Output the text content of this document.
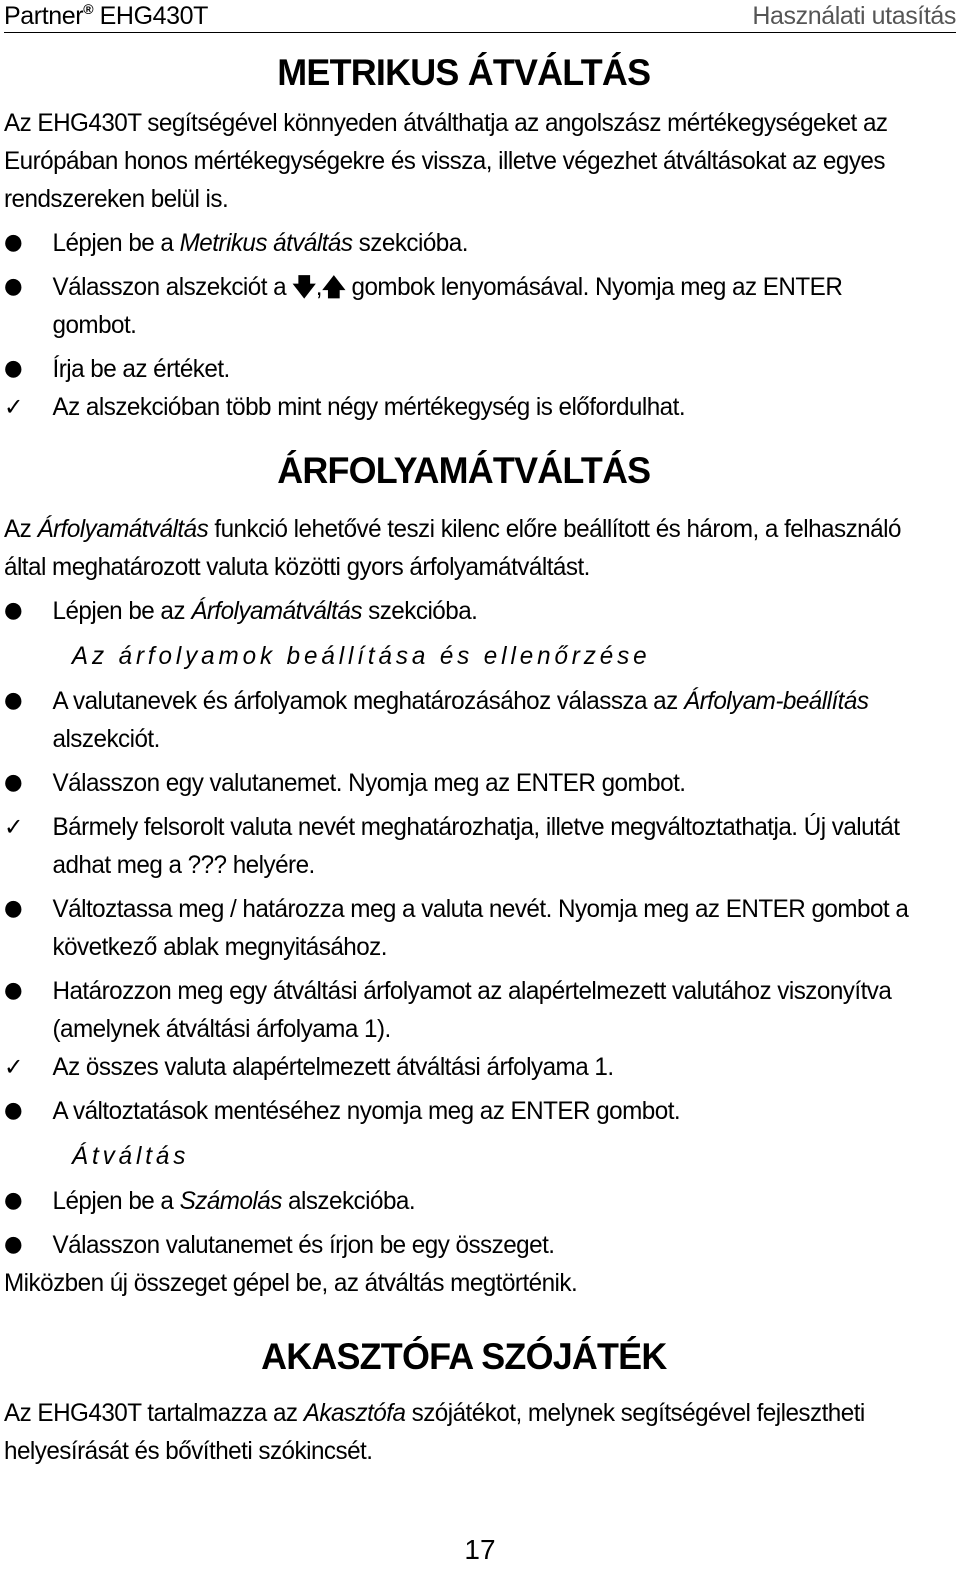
Partner® EHG430T	Használati utasítás
METRIKUS ÁTVÁLTÁS

Az EHG430T segítségével könnyeden átválthatja az angolszász mértékegységeket az Európában honos mértékegységekre és vissza, illetve végezhet átváltásokat az egyes rendszereken belül is.

●	Lépjen be a Metrikus átváltás szekcióba.
●	Válasszon alszekciót a 🡇,🡅 gombok lenyomásával. Nyomja meg az ENTER gombot.
●	Írja be az értéket.
✓	Az alszekcióban több mint négy mértékegység is előfordulhat.
ÁRFOLYAMÁTVÁLTÁS

Az Árfolyamátváltás funkció lehetővé teszi kilenc előre beállított és három, a felhasználó által meghatározott valuta közötti gyors árfolyamátváltást.

●	Lépjen be az Árfolyamátváltás szekcióba.
Az árfolyamok beállítása és ellenőrzése
●	A valutanevek és árfolyamok meghatározásához válassza az Árfolyam-beállítás alszekciót.
●	Válasszon egy valutanemet. Nyomja meg az ENTER gombot.
✓	Bármely felsorolt valuta nevét meghatározhatja, illetve megváltoztathatja. Új valutát adhat meg a ??? helyére.
●	Változtassa meg / határozza meg a valuta nevét. Nyomja meg az ENTER gombot a következő ablak megnyitásához.
●	Határozzon meg egy átváltási árfolyamot az alapértelmezett valutához viszonyítva (amelynek átváltási árfolyama 1).
✓	Az összes valuta alapértelmezett átváltási árfolyama 1.
●	A változtatások mentéséhez nyomja meg az ENTER gombot.
Átváltás
●	Lépjen be a Számolás alszekcióba.
●	Válasszon valutanemet és írjon be egy összeget.

Miközben új összeget gépel be, az átváltás megtörténik.

AKASZTÓFA SZÓJÁTÉK

Az EHG430T tartalmazza az Akasztófa szójátékot, melynek segítségével fejlesztheti helyesírását és bővítheti szókincsét.

17
